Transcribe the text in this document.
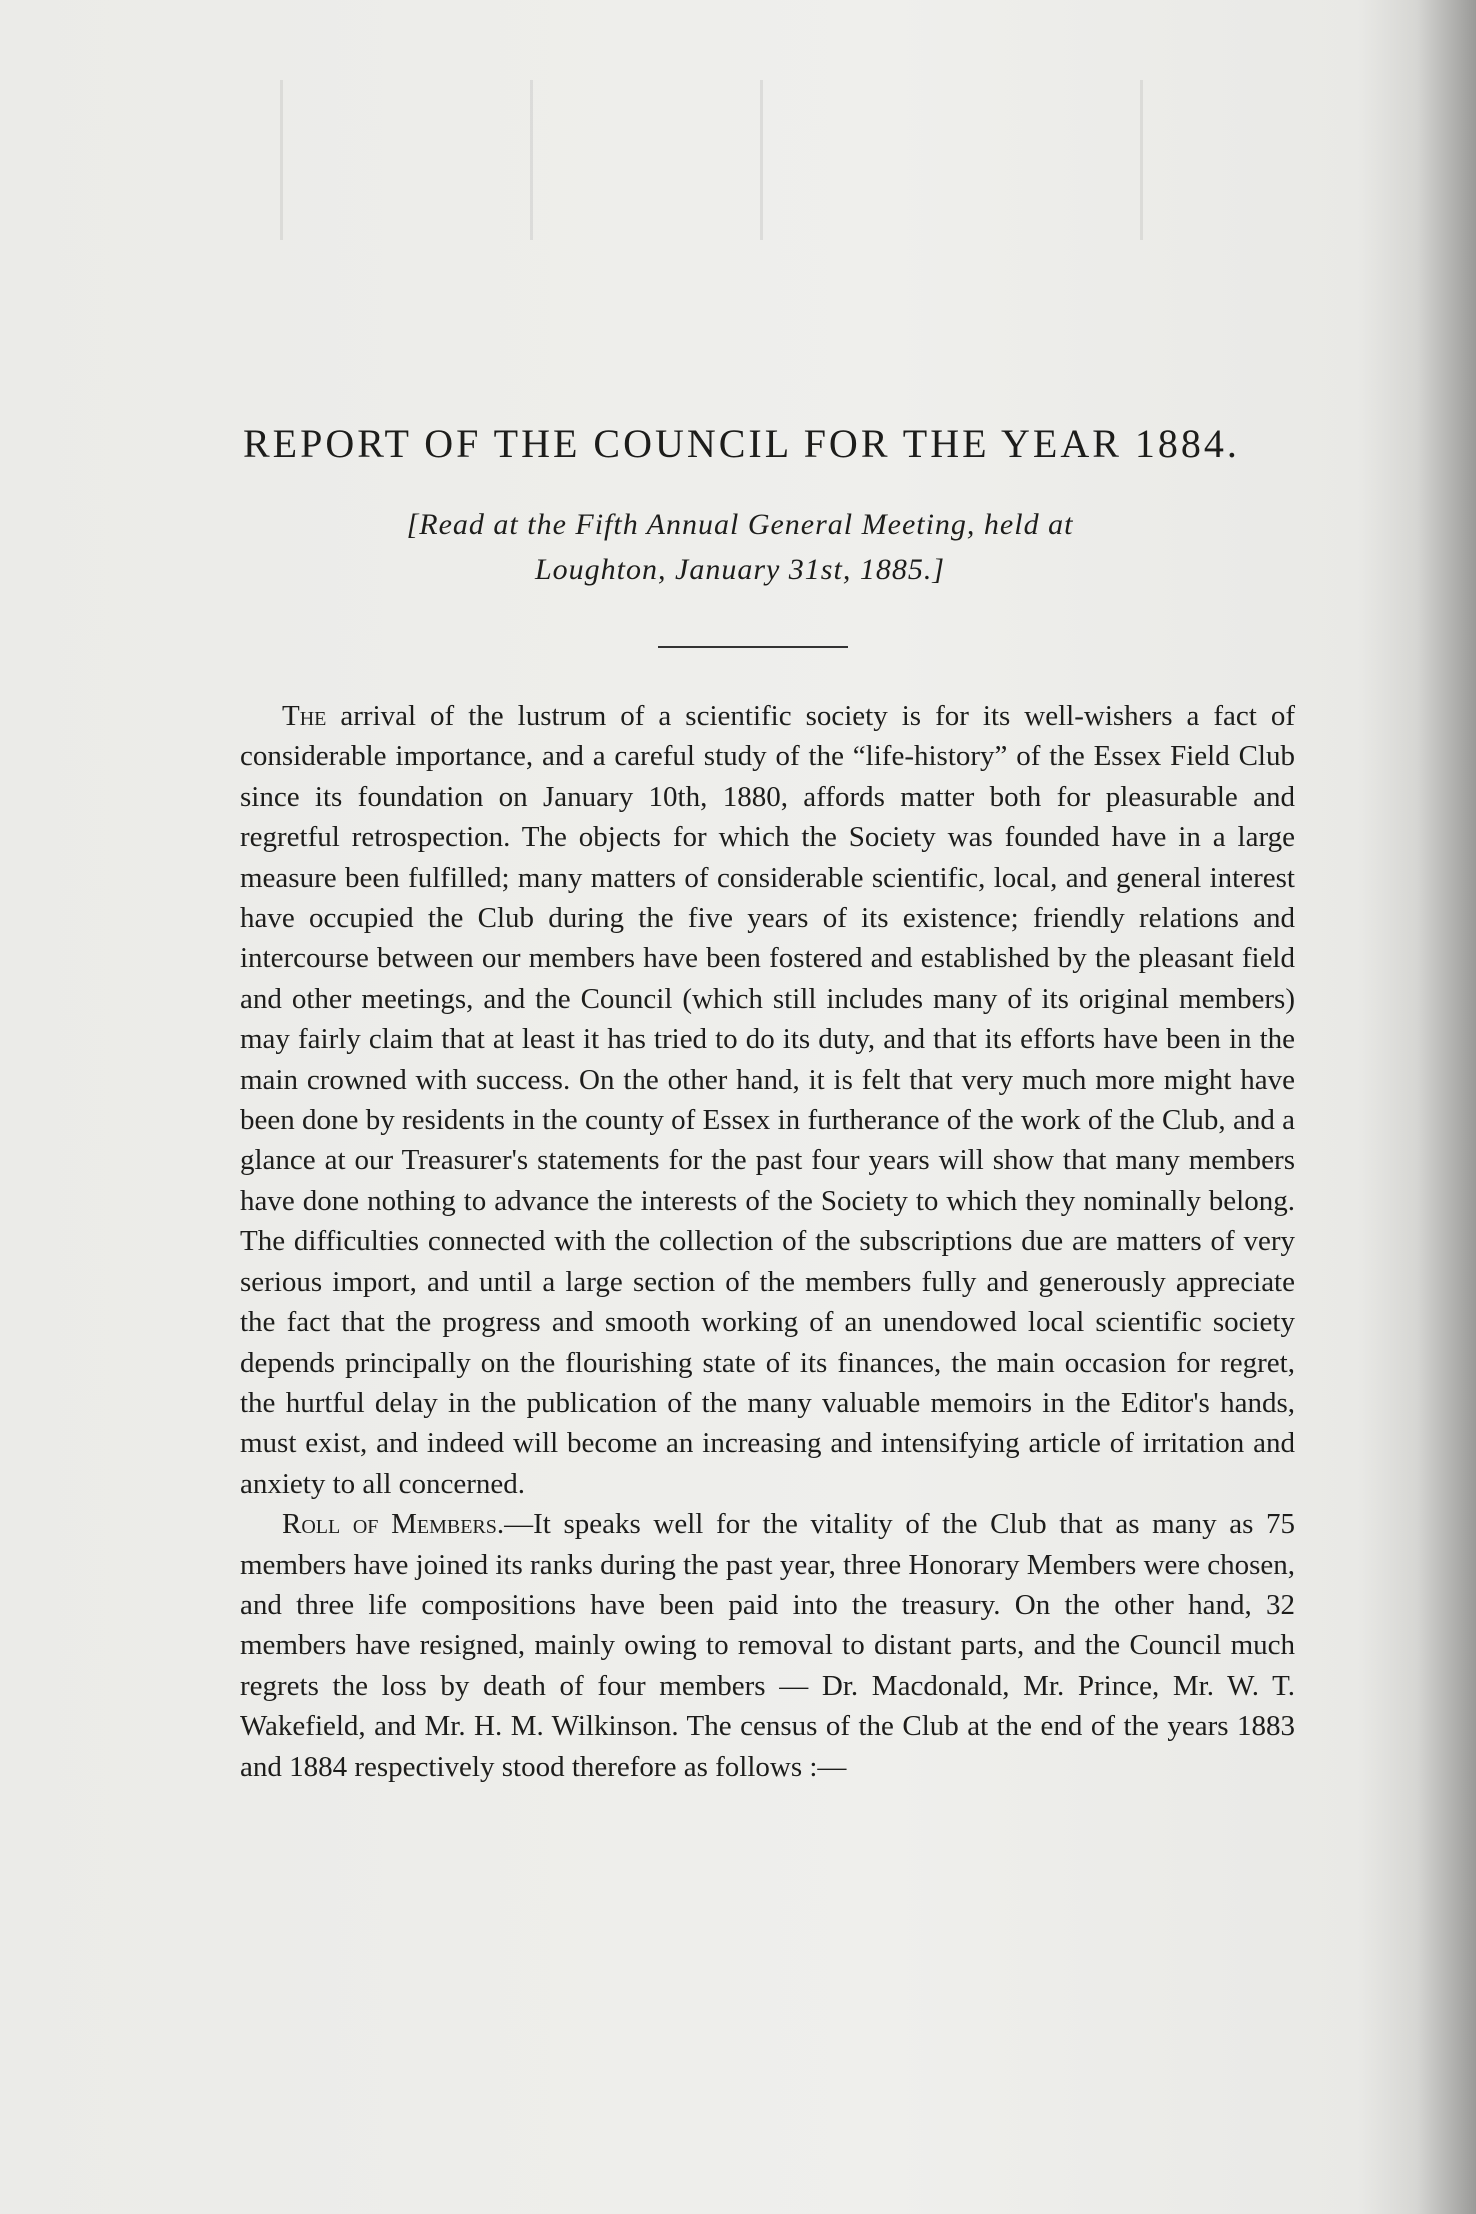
REPORT OF THE COUNCIL FOR THE YEAR 1884.
[Read at the Fifth Annual General Meeting, held at
Loughton, January 31st, 1885.]

The arrival of the lustrum of a scientific society is for its well-wishers a fact of considerable importance, and a careful study of the “life-history” of the Essex Field Club since its foundation on January 10th, 1880, affords matter both for pleasurable and regretful retrospection. The objects for which the Society was founded have in a large measure been fulfilled; many matters of considerable scientific, local, and general interest have occupied the Club during the five years of its existence; friendly relations and intercourse between our members have been fostered and established by the pleasant field and other meetings, and the Council (which still includes many of its original members) may fairly claim that at least it has tried to do its duty, and that its efforts have been in the main crowned with success. On the other hand, it is felt that very much more might have been done by residents in the county of Essex in furtherance of the work of the Club, and a glance at our Treasurer's statements for the past four years will show that many members have done nothing to advance the interests of the Society to which they nominally belong. The difficulties connected with the collection of the subscriptions due are matters of very serious import, and until a large section of the members fully and generously appreciate the fact that the progress and smooth working of an unendowed local scientific society depends principally on the flourishing state of its finances, the main occasion for regret, the hurtful delay in the publication of the many valuable memoirs in the Editor's hands, must exist, and indeed will become an increasing and intensifying article of irritation and anxiety to all concerned.

Roll of Members.—It speaks well for the vitality of the Club that as many as 75 members have joined its ranks during the past year, three Honorary Members were chosen, and three life compositions have been paid into the treasury. On the other hand, 32 members have resigned, mainly owing to removal to distant parts, and the Council much regrets the loss by death of four members — Dr. Macdonald, Mr. Prince, Mr. W. T. Wakefield, and Mr. H. M. Wilkinson. The census of the Club at the end of the years 1883 and 1884 respectively stood therefore as follows :—
